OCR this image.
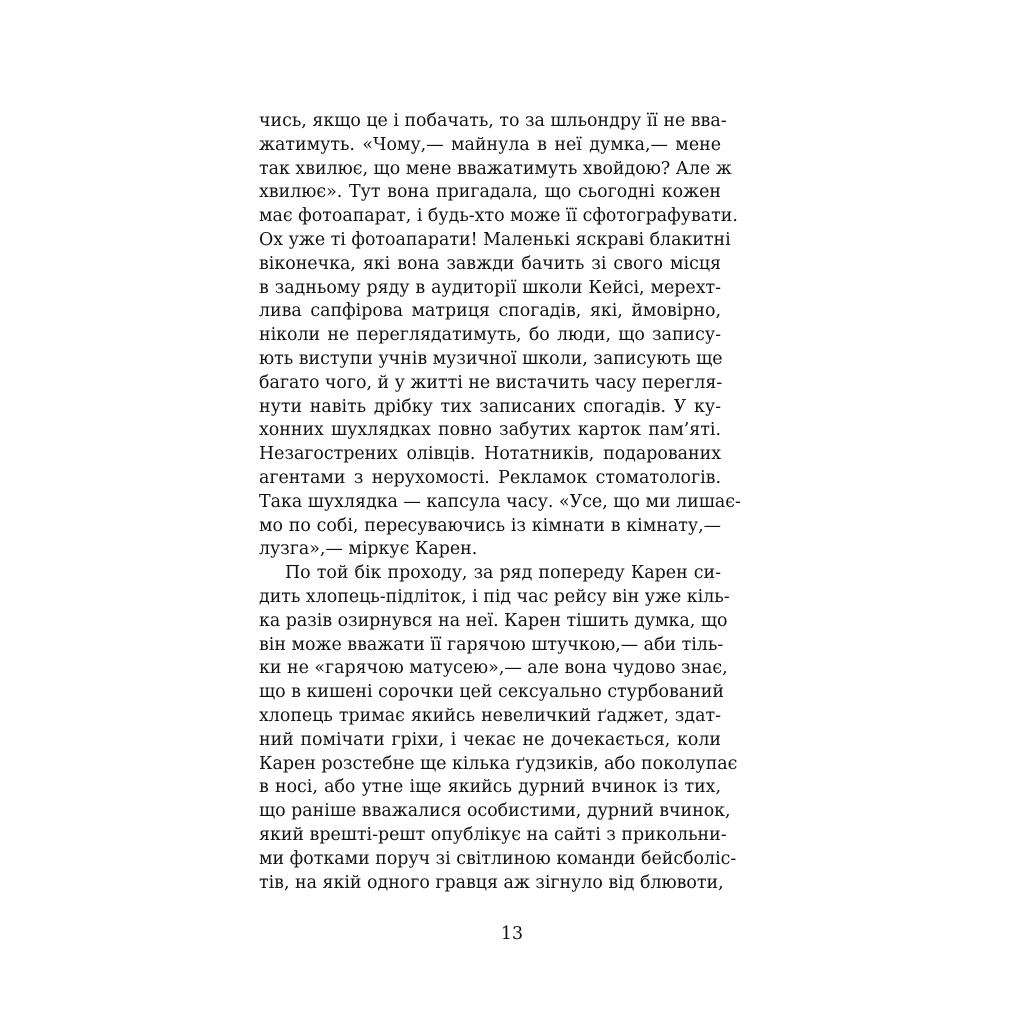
чись, якщо це і побачать, то за шльондру її не вва-
жатимуть. «Чому,— майнула в неї думка,— мене
так хвилює, що мене вважатимуть хвойдою? Але ж
хвилює». Тут вона пригадала, що сьогодні кожен
має фотоапарат, і будь-хто може її сфотографувати.
Ох уже ті фотоапарати! Маленькі яскраві блакитні
віконечка, які вона завжди бачить зі свого місця
в задньому ряду в аудиторії школи Кейсі, мерехт-
лива сапфірова матриця спогадів, які, ймовірно,
ніколи не переглядатимуть, бо люди, що запису-
ють виступи учнів музичної школи, записують ще
багато чого, й у житті не вистачить часу перегля-
нути навіть дрібку тих записаних спогадів. У ку-
хонних шухлядках повно забутих карток пам’яті.
Незагострених олівців. Нотатників, подарованих
агентами з нерухомості. Рекламок стоматологів.
Така шухлядка — капсула часу. «Усе, що ми лишає-
мо по собі, пересуваючись із кімнати в кімнату,—
лузга»,— міркує Карен.
По той бік проходу, за ряд попереду Карен си-
дить хлопець-підліток, і під час рейсу він уже кіль-
ка разів озирнувся на неї. Карен тішить думка, що
він може вважати її гарячою штучкою,— аби тіль-
ки не «гарячою матусею»,— але вона чудово знає,
що в кишені сорочки цей сексуально стурбований
хлопець тримає якийсь невеличкий ґаджет, здат-
ний помічати гріхи, і чекає не дочекається, коли
Карен розстебне ще кілька ґудзиків, або поколупає
в носі, або утне іще якийсь дурний вчинок із тих,
що раніше вважалися особистими, дурний вчинок,
який врешті-решт опублікує на сайті з прикольни-
ми фотками поруч зі світлиною команди бейсболіс-
тів, на якій одного гравця аж зігнуло від блювоти,
13
